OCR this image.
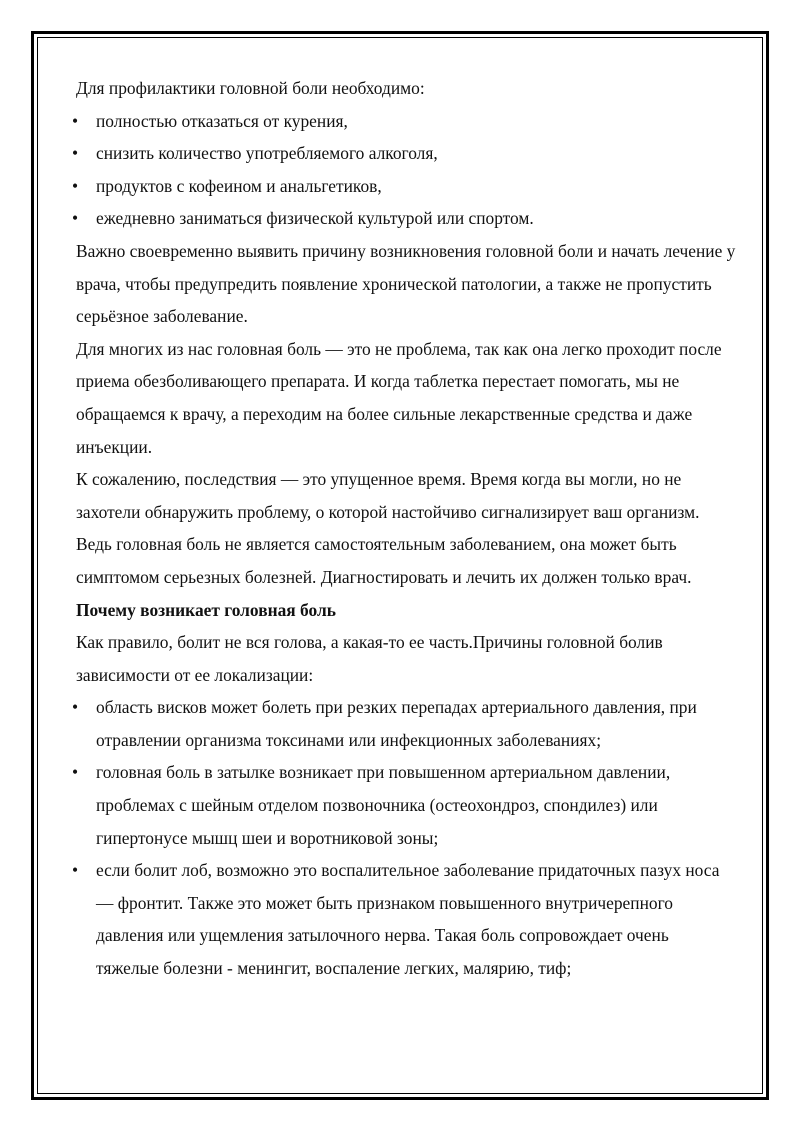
Для профилактики головной боли необходимо:

• полностью отказаться от курения,
• снизить количество употребляемого алкоголя,
• продуктов с кофеином и анальгетиков,
• ежедневно заниматься физической культурой или спортом.

Важно своевременно выявить причину возникновения головной боли и начать лечение у врача, чтобы предупредить появление хронической патологии, а также не пропустить серьёзное заболевание.

Для многих из нас головная боль — это не проблема, так как она легко проходит после приема обезболивающего препарата. И когда таблетка перестает помогать, мы не обращаемся к врачу, а переходим на более сильные лекарственные средства и даже инъекции.

К сожалению, последствия — это упущенное время. Время когда вы могли, но не захотели обнаружить проблему, о которой настойчиво сигнализирует ваш организм. Ведь головная боль не является самостоятельным заболеванием, она может быть симптомом серьезных болезней. Диагностировать и лечить их должен только врач.

Почему возникает головная боль

Как правило, болит не вся голова, а какая-то ее часть.Причины головной болив зависимости от ее локализации:

• область висков может болеть при резких перепадах артериального давления, при отравлении организма токсинами или инфекционных заболеваниях;
• головная боль в затылке возникает при повышенном артериальном давлении, проблемах с шейным отделом позвоночника (остеохондроз, спондилез) или гипертонусе мышц шеи и воротниковой зоны;
• если болит лоб, возможно это воспалительное заболевание придаточных пазух носа — фронтит. Также это может быть признаком повышенного внутричерепного давления или ущемления затылочного нерва. Такая боль сопровождает очень тяжелые болезни - менингит, воспаление легких, малярию, тиф;
